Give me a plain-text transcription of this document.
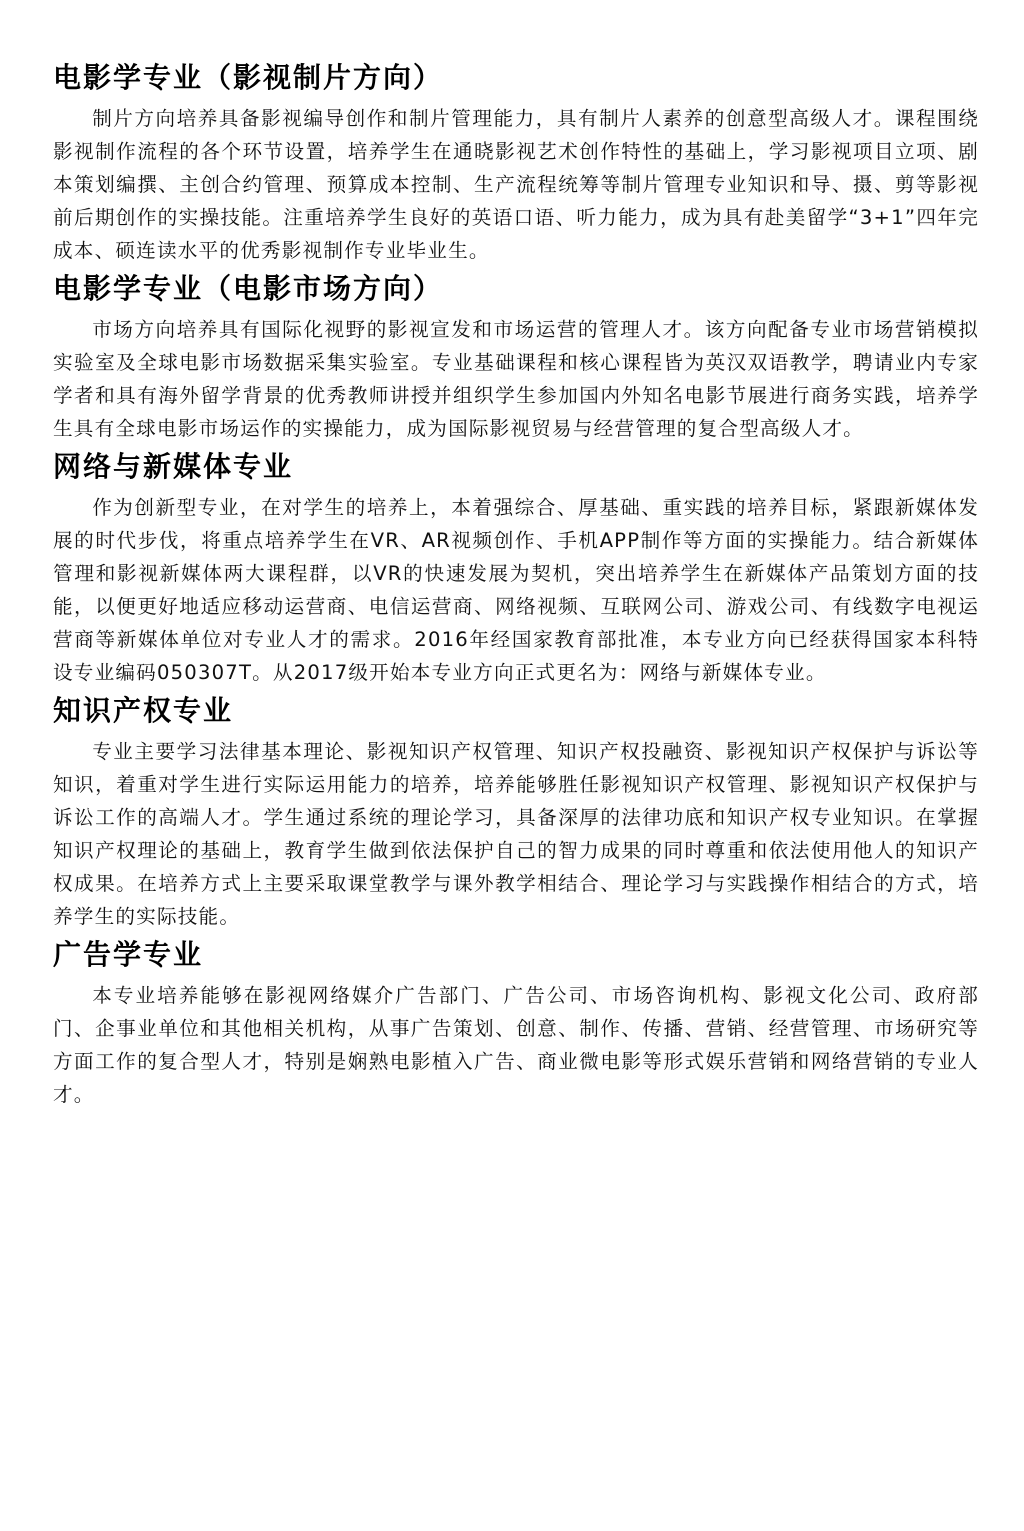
电影学专业（影视制片方向）

制片方向培养具备影视编导创作和制片管理能力，具有制片人素养的创意型高级人才。课程围绕影视制作流程的各个环节设置，培养学生在通晓影视艺术创作特性的基础上，学习影视项目立项、剧本策划编撰、主创合约管理、预算成本控制、生产流程统筹等制片管理专业知识和导、摄、剪等影视前后期创作的实操技能。注重培养学生良好的英语口语、听力能力，成为具有赴美留学“3+1”四年完成本、硕连读水平的优秀影视制作专业毕业生。

电影学专业（电影市场方向）

市场方向培养具有国际化视野的影视宣发和市场运营的管理人才。该方向配备专业市场营销模拟实验室及全球电影市场数据采集实验室。专业基础课程和核心课程皆为英汉双语教学，聘请业内专家学者和具有海外留学背景的优秀教师讲授并组织学生参加国内外知名电影节展进行商务实践，培养学生具有全球电影市场运作的实操能力，成为国际影视贸易与经营管理的复合型高级人才。

网络与新媒体专业

作为创新型专业，在对学生的培养上，本着强综合、厚基础、重实践的培养目标，紧跟新媒体发展的时代步伐，将重点培养学生在VR、AR视频创作、手机APP制作等方面的实操能力。结合新媒体管理和影视新媒体两大课程群，以VR的快速发展为契机，突出培养学生在新媒体产品策划方面的技能，以便更好地适应移动运营商、电信运营商、网络视频、互联网公司、游戏公司、有线数字电视运营商等新媒体单位对专业人才的需求。2016年经国家教育部批准，本专业方向已经获得国家本科特设专业编码050307T。从2017级开始本专业方向正式更名为：网络与新媒体专业。

知识产权专业

专业主要学习法律基本理论、影视知识产权管理、知识产权投融资、影视知识产权保护与诉讼等知识，着重对学生进行实际运用能力的培养，培养能够胜任影视知识产权管理、影视知识产权保护与诉讼工作的高端人才。学生通过系统的理论学习，具备深厚的法律功底和知识产权专业知识。在掌握知识产权理论的基础上，教育学生做到依法保护自己的智力成果的同时尊重和依法使用他人的知识产权成果。在培养方式上主要采取课堂教学与课外教学相结合、理论学习与实践操作相结合的方式，培养学生的实际技能。

广告学专业

本专业培养能够在影视网络媒介广告部门、广告公司、市场咨询机构、影视文化公司、政府部门、企事业单位和其他相关机构，从事广告策划、创意、制作、传播、营销、经营管理、市场研究等方面工作的复合型人才，特别是娴熟电影植入广告、商业微电影等形式娱乐营销和网络营销的专业人才。
